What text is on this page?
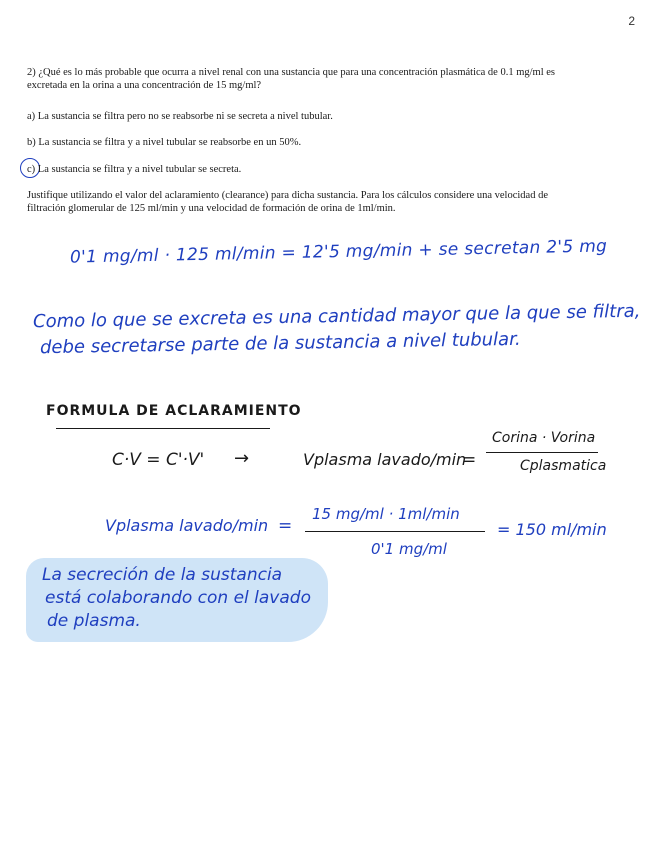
2
2) ¿Qué es lo más probable que ocurra a nivel renal con una sustancia que para una concentración plasmática de 0.1 mg/ml es excretada en la orina a una concentración de 15 mg/ml?
a) La sustancia se filtra pero no se reabsorbe ni se secreta a nivel tubular.
b) La sustancia se filtra y a nivel tubular se reabsorbe en un 50%.
c) La sustancia se filtra y a nivel tubular se secreta.
Justifique utilizando el valor del aclaramiento (clearance) para dicha sustancia. Para los cálculos considere una velocidad de filtración glomerular de 125 ml/min y una velocidad de formación de orina de 1ml/min.
0'1 mg/ml · 125 ml/min = 12'5 mg/min + se secretan 2'5 mg
Como lo que se excreta es una cantidad mayor que la que se filtra,
debe secretarse parte de la sustancia a nivel tubular.
FORMULA DE ACLARAMIENTO
C·V = C'·V' →	Vplasma lavado/min
=
Corina · Vorina
Cplasmatica
Vplasma lavado/min =
15 mg/ml · 1ml/min
0'1 mg/ml
= 150 ml/min
La secreción de la sustancia
está colaborando con el lavado
de plasma.
